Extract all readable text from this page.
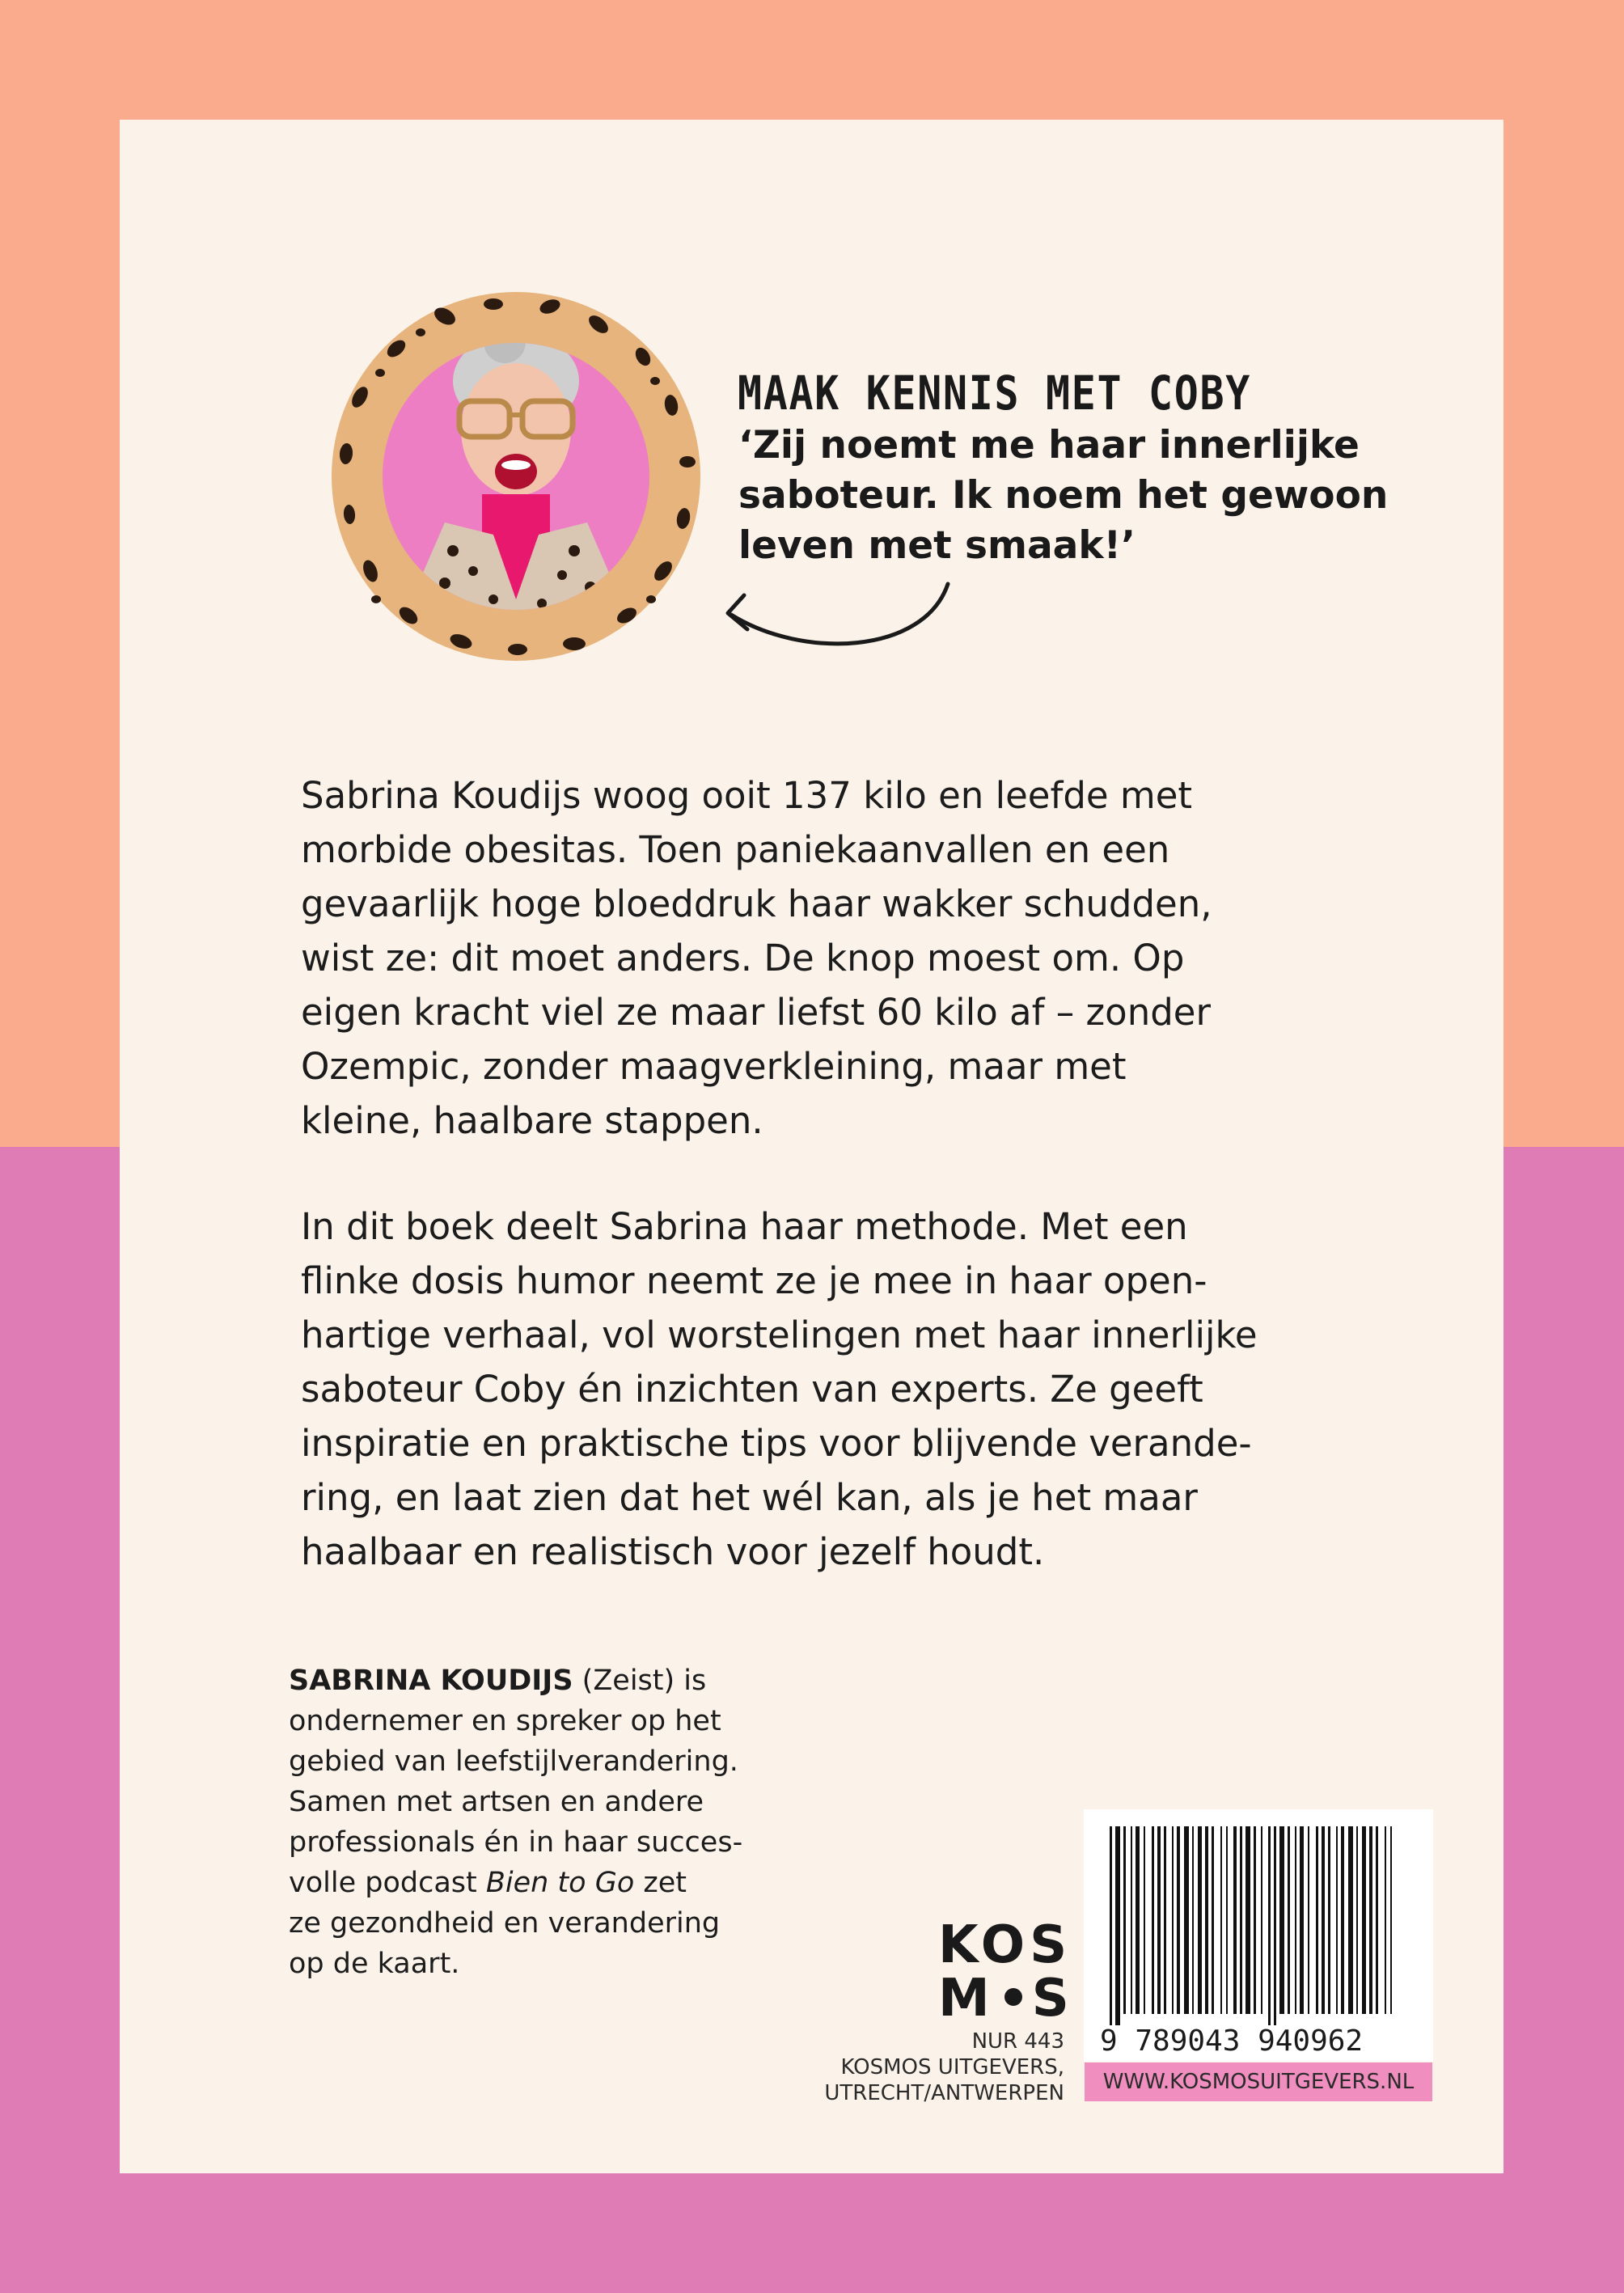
MAAK KENNIS MET COBY
‘Zij noemt me haar innerlijke
saboteur. Ik noem het gewoon
leven met smaak!’
Sabrina Koudijs woog ooit 137 kilo en leefde met
morbide obesitas. Toen paniekaanvallen en een
gevaarlijk hoge bloeddruk haar wakker schudden,
wist ze: dit moet anders. De knop moest om. Op
eigen kracht viel ze maar liefst 60 kilo af – zonder
Ozempic, zonder maagverkleining, maar met
kleine, haalbare stappen.
In dit boek deelt Sabrina haar methode. Met een
flinke dosis humor neemt ze je mee in haar open-
hartige verhaal, vol worstelingen met haar innerlijke
saboteur Coby én inzichten van experts. Ze geeft
inspiratie en praktische tips voor blijvende verande-
ring, en laat zien dat het wél kan, als je het maar
haalbaar en realistisch voor jezelf houdt.
SABRINA KOUDIJS (Zeist) is
ondernemer en spreker op het
gebied van leefstijlverandering.
Samen met artsen en andere
professionals én in haar succes-
volle podcast Bien to Go zet
ze gezondheid en verandering
op de kaart.	KOS
M S
NUR 443
KOSMOS UITGEVERS,
UTRECHT/ANTWERPEN
9 789043 940962
WWW.KOSMOSUITGEVERS.NL
